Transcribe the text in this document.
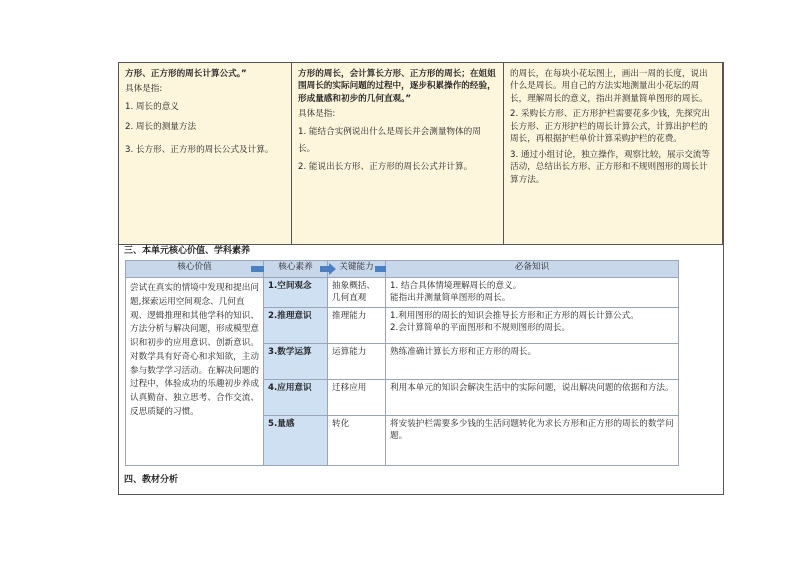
方形、正方形的周长计算公式。”
具体是指:
1. 周长的意义
2. 周长的测量方法
3. 长方形、正方形的周长公式及计算。

方形的周长，会计算长方形、正方形的周长；在姐姐围周长的实际问题的过程中，逐步积累操作的经验，形成量感和初步的几何直观。”
具体是指:
1. 能结合实例说出什么是周长并会测量物体的周长。
2. 能说出长方形、正方形的周长公式并计算。

的周长，在每块小花坛图上，画出一周的长度，说出什么是周长。用自己的方法实地测量出小花坛的周长，理解周长的意义，指出并测量简单图形的周长。
2. 采购长方形、正方形护栏需要花多少钱，先探究出长方形、正方形护栏的周长计算公式，计算出护栏的周长，再根据护栏单价计算采购护栏的花费。
3. 通过小组讨论，独立操作，观察比较，展示交流等活动，总结出长方形、正方形和不规则图形的周长计算方法。
三、本单元核心价值、学科素养
核心价值	核心素养	关键能力	必备知识
尝试在真实的情境中发现和提出问题,探索运用空间观念、几何直观、逻辑推理和其他学科的知识、方法分析与解决问题，形成模型意识和初步的应用意识、创新意识。对数学具有好奇心和求知欲，主动参与数学学习活动。在解决问题的过程中，体验成功的乐趣初步养成认真勤奋、独立思考、合作交流、反思质疑的习惯。	1.空间观念	抽象概括、几何直观	1. 结合具体情境理解周长的意义。
能指出并测量简单图形的周长。

	2.推理意识	推理能力	1.利用图形的周长的知识会推导长方形和正方形的周长计算公式。
2.会计算简单的平面图形和不规则图形的周长。

	3.数学运算	运算能力	熟练准确计算长方形和正方形的周长。

	4.应用意识	迁移应用	利用本单元的知识会解决生活中的实际问题，说出解决问题的依据和方法。

	5.量感	转化	将安装护栏需要多少钱的生活问题转化为求长方形和正方形的周长的数学问题。
四、教材分析
